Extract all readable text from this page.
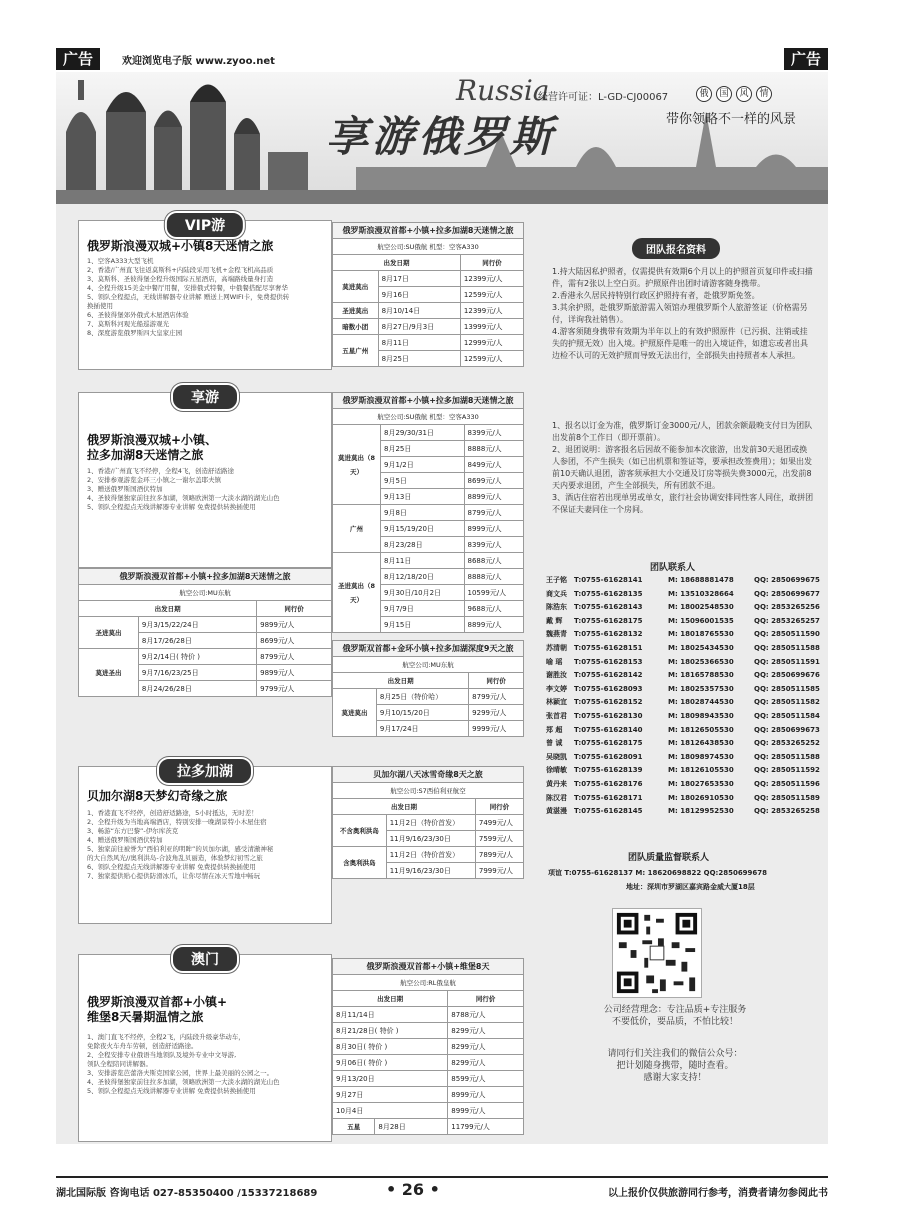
广告	欢迎浏览电子版 www.zyoo.net	广告
Russia
享游俄罗斯
经营许可证：L-GD-CJ00067	俄	国	风	情
带你领略不一样的风景
VIP游
俄罗斯浪漫双城+小镇8天迷情之旅
1、空客A333大型飞机
2、香港/广州直飞往返莫斯科+内陆段采用飞机+金程飞机高品质
3、莫斯科、圣彼得堡全程升级国际五星酒店，高端路线量身打造
4、全程升级15美金中餐厅用餐，安排俄式特餐，中俄餐搭配尽享奢华
5、领队全程提点，无线讲解器专业讲解 赠送上网WIFI卡，免费提供转
换插使用
6、圣彼得堡郊外俄式木屋酒店体验
7、莫斯科河观光船巡游观光
8、深度游览俄罗斯四大皇家庄园
俄罗斯浪漫双首都+小镇+拉多加湖8天迷情之旅		
航空公司:SU俄航 机型：空客A330		
出发日期		同行价
莫进莫出	8月17日	12399元/人
	9月16日	12599元/人
圣进莫出	8月10/14日	12399元/人
暗数小团	8月27日/9月3日	13999元/人
五星广州	8月11日	12999元/人
	8月25日	12599元/人
享游
俄罗斯浪漫双城+小镇、
拉多加湖8天迷情之旅
1、香港/广州直飞不经停，全程4飞，创造舒适路途
2、安排参观游览金环三小镇之一谢尔盖耶夫镇
3、赠送俄罗斯国酒伏特加
4、圣彼得堡独家前往拉多加湖，领略欧洲第一大淡水湖的湖光山色
5、领队全程提点无线讲解器专业讲解 免费提供转换插使用
俄罗斯浪漫双首都+小镇+拉多加湖8天迷情之旅		
航空公司:SU俄航 机型：空客A330		
莫进莫出（8天）	8月29/30/31日	8399元/人
	8月25日	8888元/人
	9月1/2日	8499元/人
	9月5日	8699元/人
	9月13日	8899元/人
广州	9月8日	8799元/人
	9月15/19/20日	8999元/人
	8月23/28日	8399元/人
圣进莫出（8天）	8月11日	8688元/人
	8月12/18/20日	8888元/人
	9月30日/10月2日	10599元/人
	9月7/9日	9688元/人
	9月15日	8899元/人
俄罗斯浪漫双首都+小镇+拉多加湖8天迷情之旅		
航空公司:MU东航		
出发日期		同行价
圣进莫出	9月3/15/22/24日	9899元/人
	8月17/26/28日	8699元/人
莫进圣出	9月2/14日( 特价 )	8799元/人
	9月7/16/23/25日	9899元/人
	8月24/26/28日	9799元/人
俄罗斯双首都+金环小镇+拉多加湖深度9天之旅		
航空公司:MU东航		
出发日期		同行价
莫进莫出	8月25日（特价哈）	8799元/人
	9月10/15/20日	9299元/人
	9月17/24日	9999元/人
拉多加湖
贝加尔湖8天梦幻奇缘之旅
1、香港直飞不经停，创造舒适路途，5小时抵达，无时差！
2、全程升级为当地高端酒店，特别安排一晚湖景特小木屋住宿
3、畅游“东方巴黎”-伊尔库茨克
4、赠送俄罗斯国酒伏特加
5、独家前往被誉为“西伯利亚的明眸”的贝加尔湖，感受清澈神秘
的大自然风光//奥利洪岛-合波角乱贝丽造，体验梦幻初雪之旅
6、领队全程提点无线讲解器专业讲解 免费提供转换插使用
7、独家提供贴心提供防滑冰爪，让你尽情在冰天雪地中畅玩
贝加尔湖八天冰雪奇缘8天之旅		
航空公司:S7西伯利亚航空		
出发日期		同行价
不含奥利洪岛	11月2日（特价首发）	7499元/人
	11月9/16/23/30日	7599元/人
含奥利洪岛	11月2日（特价首发）	7899元/人
	11月9/16/23/30日	7999元/人
澳门
俄罗斯浪漫双首都+小镇+
维堡8天暑期温情之旅
1、澳门直飞不经停，全程2飞，内陆段升级豪华动车，
免除夜火车舟车劳顿，创造舒适路途。
2、全程安排专业俄语当地领队及境外专业中文导游,
领队全程陪同讲解器。
3、安排游览芭蕾洛夫斯克国家公园，世界上最美丽的公园之一。
4、圣彼得堡独家前往拉多加湖，领略欧洲第一大淡水湖的湖光山色
5、领队全程提点无线讲解器专业讲解 免费提供转换插使用
俄罗斯浪漫双首都+小镇+维堡8天		
航空公司:RL俄皇航		
出发日期		同行价
8月11/14日		8788元/人
8月21/28日( 特价 )		8299元/人
8月30日( 特价 )		8299元/人
9月06日( 特价 )		8299元/人
9月13/20日		8599元/人
9月27日		8999元/人
10月4日		8999元/人
五星	8月28日	11799元/人
团队报名资料

1.持大陆因私护照者，仅需提供有效期6个月以上的护照首页复印件或扫描件，需有2张以上空白页。护照原件出团时请游客随身携带。

2.香港永久居民持特别行政区护照持有者，赴俄罗斯免签。

3.其余护照，赴俄罗斯旅游需入领馆办理俄罗斯个人旅游签证（价格需另付，详询我社销售）。

4.游客须随身携带有效期为半年以上的有效护照原件（已污损、注销或挂失的护照无效）出入境。护照原件是唯一的出入境证件，如遗忘或者出具边检不认可的无效护照而导致无法出行，全部损失由持照者本人承担。

1、报名以订金为准，俄罗斯订金3000元/人，团款余额最晚支付日为团队出发前8个工作日（即开票前）。

2、退团说明：游客报名后因故不能参加本次旅游，出发前30天退团或换人参团，不产生损失（如已出机票和签证等，要承担改签费用）；如果出发前10天确认退团，游客须承担大小交通及订房等损失费3000元，出发前8天内要求退团，产生全部损失，所有团款不退。

3、酒店住宿若出现单男或单女，旅行社会协调安排同性客人同住，敢拼团不保证夫妻同住一个房间。

团队联系人
王子铭	T:0755-61628141	M: 18688881478	QQ: 2850699675
商文兵	T:0755-61628135	M: 13510328664	QQ: 2850699677
陈浩东	T:0755-61628143	M: 18002548530	QQ: 2853265256
戴 辉	T:0755-61628175	M: 15096001535	QQ: 2853265257
魏燕青	T:0755-61628132	M: 18018765530	QQ: 2850511590
苏清朝	T:0755-61628151	M: 18025434530	QQ: 2850511588
喻 瑶	T:0755-61628153	M: 18025366530	QQ: 2850511591
谢胜汝	T:0755-61628142	M: 18165788530	QQ: 2850699676
李文婷	T:0755-61628093	M: 18025357530	QQ: 2850511585
林颖宜	T:0755-61628152	M: 18028744530	QQ: 2850511582
张首君	T:0755-61628130	M: 18098943530	QQ: 2850511584
郑 超	T:0755-61628140	M: 18126505530	QQ: 2850699673
曾 诚	T:0755-61628175	M: 18126438530	QQ: 2853265252
吴晓凯	T:0755-61628091	M: 18098974530	QQ: 2850511588
徐晴敏	T:0755-61628139	M: 18126105530	QQ: 2850511592
黄丹来	T:0755-61628176	M: 18027653530	QQ: 2850511596
陈汉君	T:0755-61628171	M: 18026910530	QQ: 2850511589
黄湛漫	T:0755-61628145	M: 18129952530	QQ: 2853265258
团队质量监督联系人
项谊 T:0755-61628137 M: 18620698822 QQ:2850699678
地址：深圳市罗湖区嘉宾路金威大厦18层
公司经营理念：专注品质+专注服务
不要低价，要品质，不怕比较！
请同行们关注我们的微信公众号：
把计划随身携带，随时查看。
感谢大家支持！
湖北国际版 咨询电话 027-85350400 /15337218689	• 26 •	以上报价仅供旅游同行参考，消费者请勿参阅此书
